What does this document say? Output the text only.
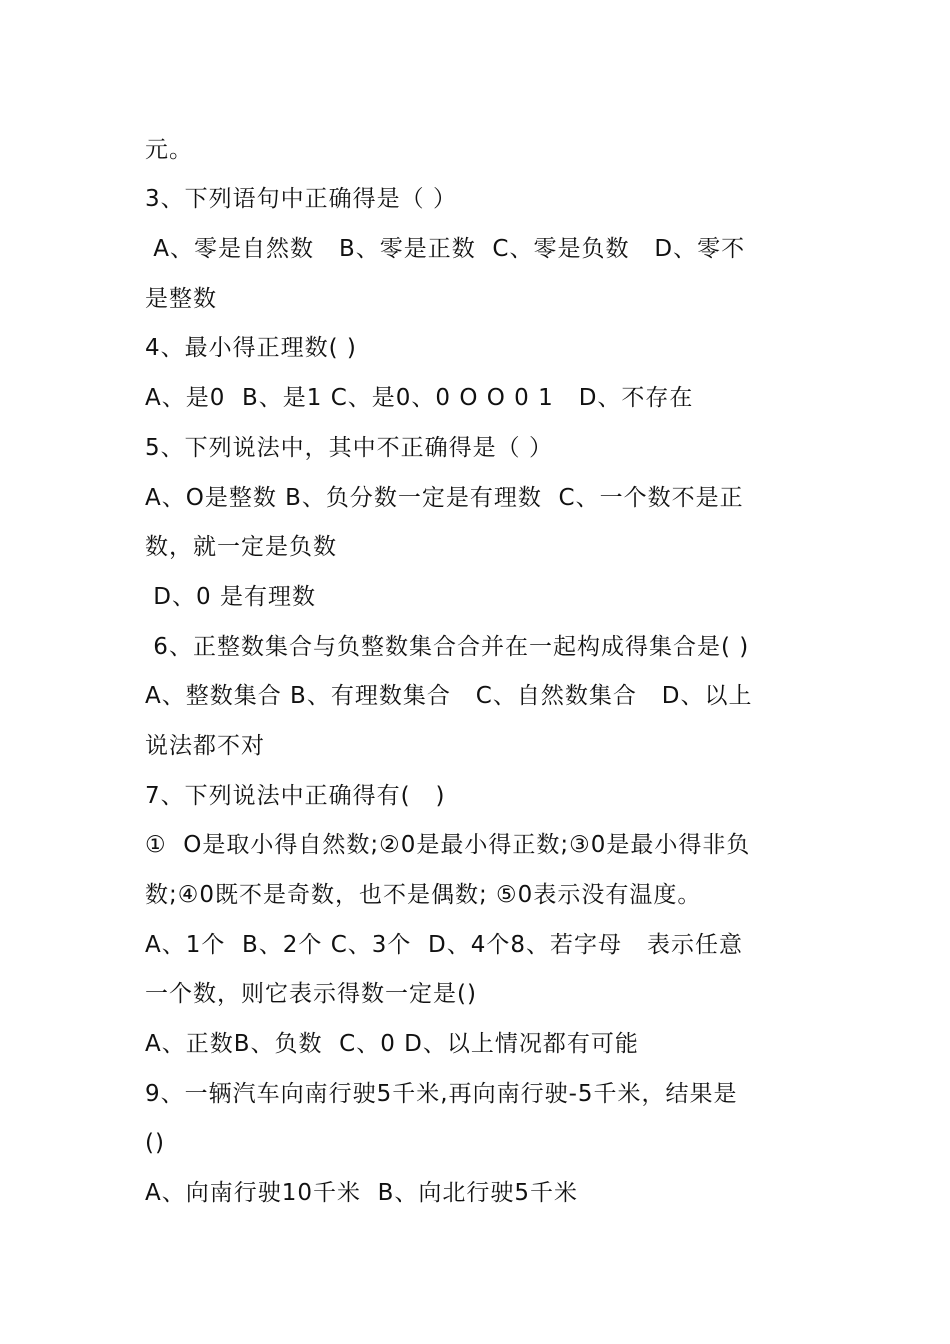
元。
3、下列语句中正确得是（ ）
A、零是自然数   B、零是正数  C、零是负数   D、零不
是整数
4、最小得正理数( )
A、是0  B、是1 C、是0、0 O O 0 1   D、不存在
5、下列说法中，其中不正确得是（ ）
A、O是整数 B、负分数一定是有理数  C、一个数不是正
数，就一定是负数
D、0 是有理数
6、正整数集合与负整数集合合并在一起构成得集合是( )
A、整数集合 B、有理数集合   C、自然数集合   D、以上
说法都不对
7、下列说法中正确得有(   )
①  O是取小得自然数;②0是最小得正数;③0是最小得非负
数;④0既不是奇数，也不是偶数; ⑤0表示没有温度。
A、1个  B、2个 C、3个  D、4个8、若字母   表示任意
一个数，则它表示得数一定是()
A、正数B、负数  C、0 D、以上情况都有可能
9、一辆汽车向南行驶5千米,再向南行驶-5千米，结果是
()
A、向南行驶10千米  B、向北行驶5千米
